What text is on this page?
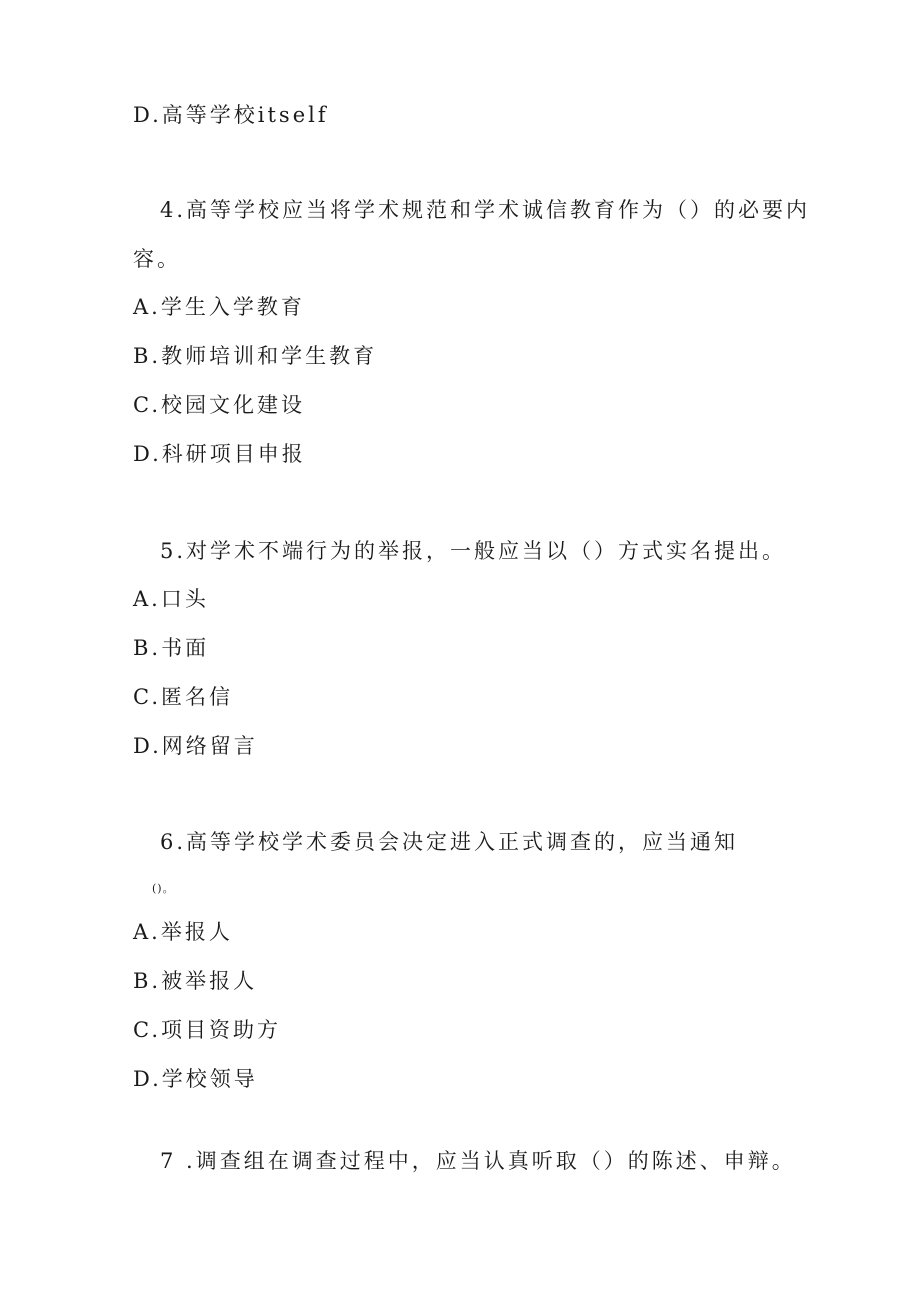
D.高等学校itself
4.高等学校应当将学术规范和学术诚信教育作为（）的必要内
容。
A.学生入学教育
B.教师培训和学生教育
C.校园文化建设
D.科研项目申报
5.对学术不端行为的举报，一般应当以（）方式实名提出。
A.口头
B.书面
C.匿名信
D.网络留言
6.高等学校学术委员会决定进入正式调查的，应当通知
()。
A.举报人
B.被举报人
C.项目资助方
D.学校领导
7 .调查组在调查过程中，应当认真听取（）的陈述、申辩。
